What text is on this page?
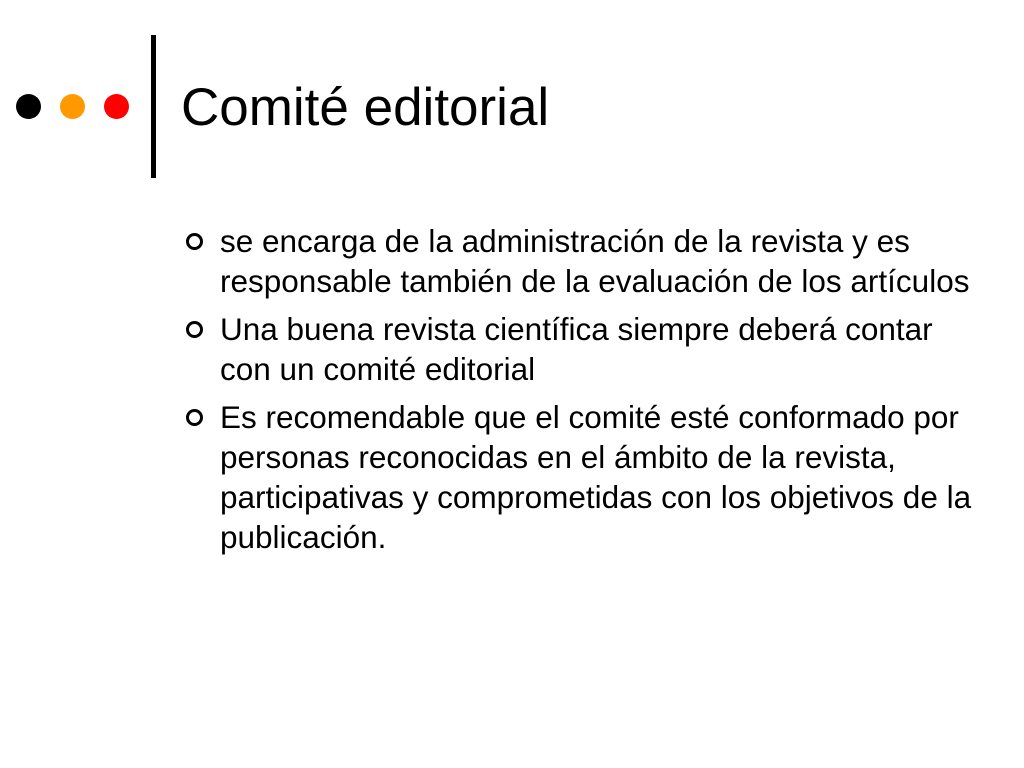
Comité editorial
se encarga de la administración de la revista y es responsable también de la evaluación de los artículos
Una buena revista científica siempre deberá contar con un comité editorial
Es recomendable que el comité esté conformado por personas reconocidas en el ámbito de la revista, participativas y comprometidas con los objetivos de la publicación.
